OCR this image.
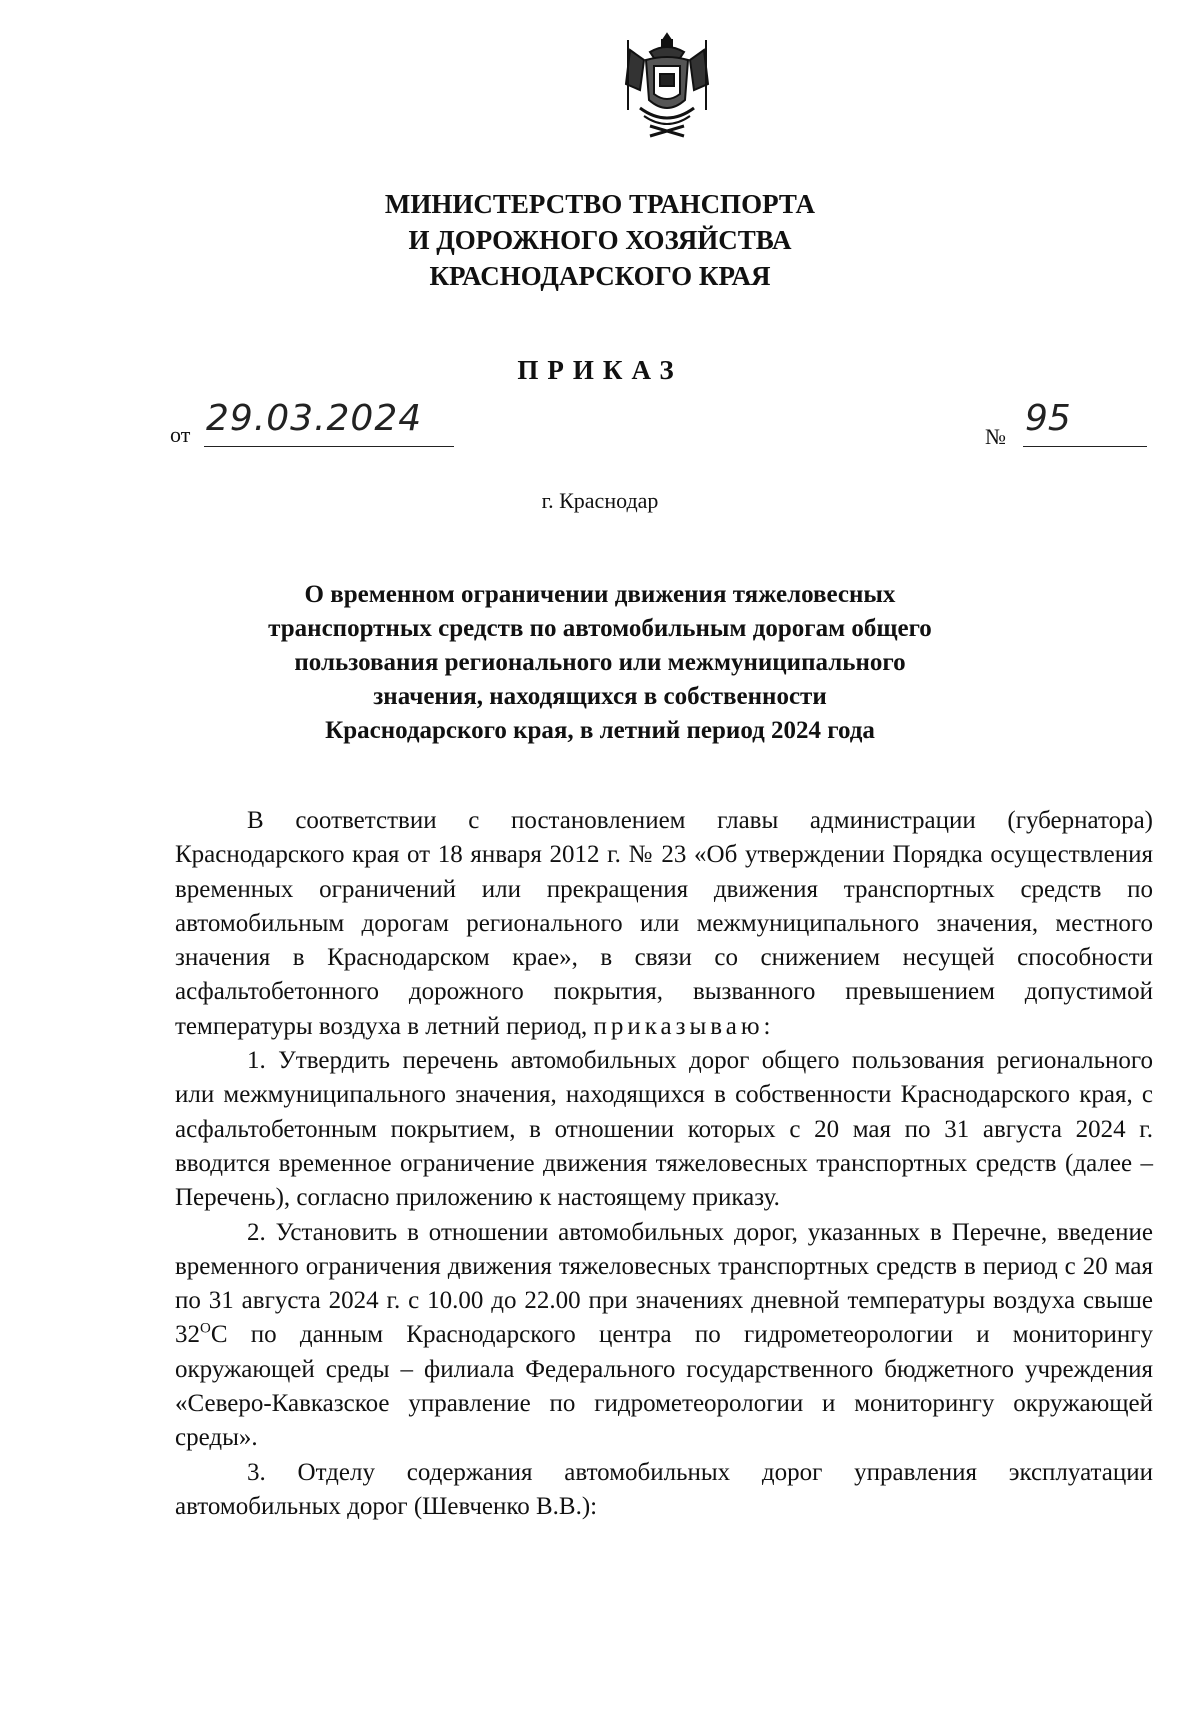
МИНИСТЕРСТВО ТРАНСПОРТА
И ДОРОЖНОГО ХОЗЯЙСТВА
КРАСНОДАРСКОГО КРАЯ
ПРИКАЗ
от 29.03.2024	№ 95
г. Краснодар
О временном ограничении движения тяжеловесных
транспортных средств по автомобильным дорогам общего
пользования регионального или межмуниципального
значения, находящихся в собственности
Краснодарского края, в летний период 2024 года

В соответствии с постановлением главы администрации (губернатора) Краснодарского края от 18 января 2012 г. № 23 «Об утверждении Порядка осуществления временных ограничений или прекращения движения транспортных средств по автомобильным дорогам регионального или межмуниципального значения, местного значения в Краснодарском крае», в связи со снижением несущей способности асфальтобетонного дорожного покрытия, вызванного превышением допустимой температуры воздуха в летний период, приказываю:

1. Утвердить перечень автомобильных дорог общего пользования регионального или межмуниципального значения, находящихся в собственности Краснодарского края, с асфальтобетонным покрытием, в отношении которых с 20 мая по 31 августа 2024 г. вводится временное ограничение движения тяжеловесных транспортных средств (далее – Перечень), согласно приложению к настоящему приказу.

2. Установить в отношении автомобильных дорог, указанных в Перечне, введение временного ограничения движения тяжеловесных транспортных средств в период с 20 мая по 31 августа 2024 г. с 10.00 до 22.00 при значениях дневной температуры воздуха свыше $32^ОС$ по данным Краснодарского центра по гидрометеорологии и мониторингу окружающей среды – филиала Федерального государственного бюджетного учреждения «Северо-Кавказское управление по гидрометеорологии и мониторингу окружающей среды».

3. Отделу содержания автомобильных дорог управления эксплуатации автомобильных дорог (Шевченко В.В.):
